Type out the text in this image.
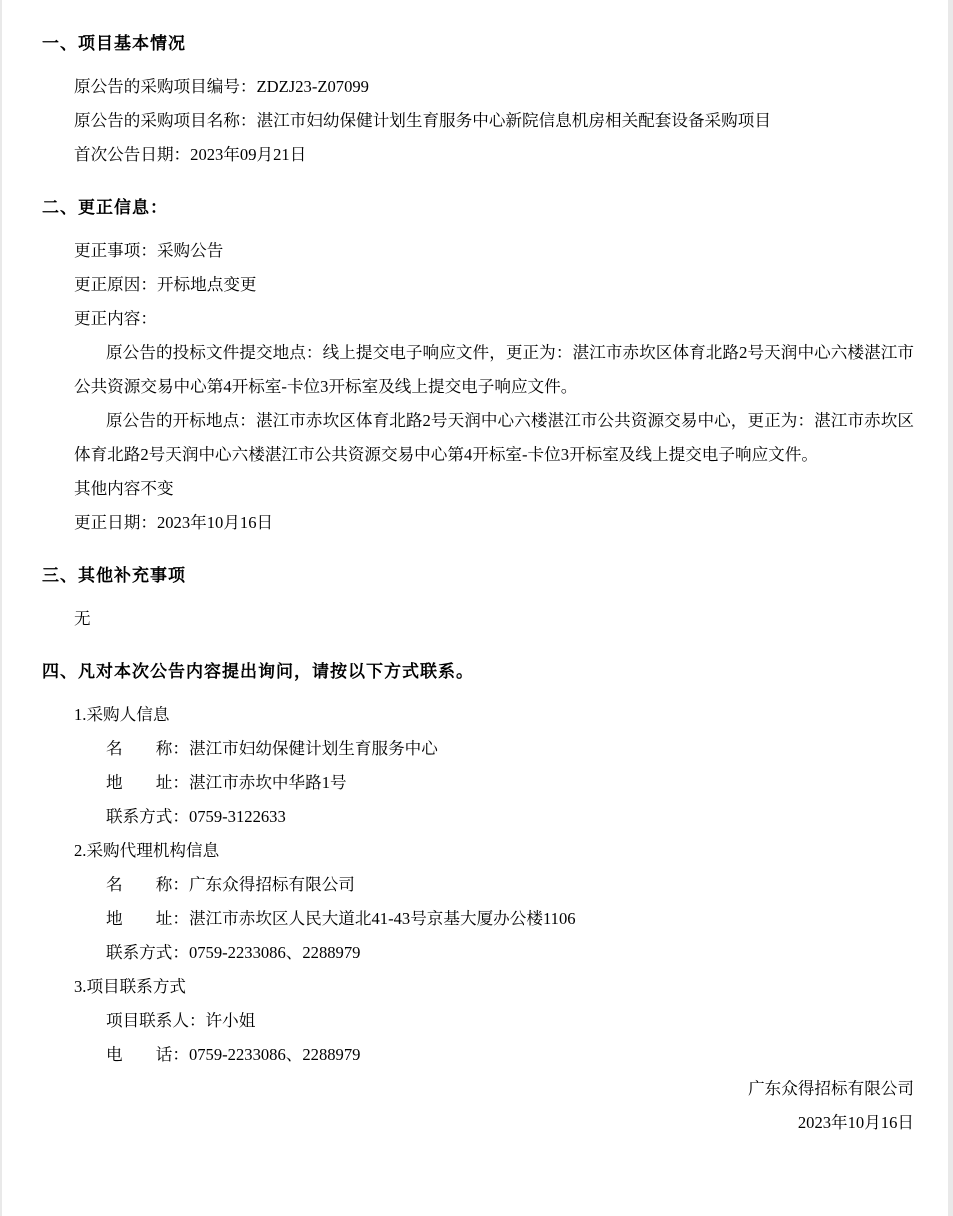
一、项目基本情况

原公告的采购项目编号：ZDZJ23-Z07099

原公告的采购项目名称：湛江市妇幼保健计划生育服务中心新院信息机房相关配套设备采购项目

首次公告日期：2023年09月21日

二、更正信息：

更正事项：采购公告

更正原因：开标地点变更

更正内容：

原公告的投标文件提交地点：线上提交电子响应文件，更正为：湛江市赤坎区体育北路2号天润中心六楼湛江市公共资源交易中心第4开标室-卡位3开标室及线上提交电子响应文件。

原公告的开标地点：湛江市赤坎区体育北路2号天润中心六楼湛江市公共资源交易中心，更正为：湛江市赤坎区体育北路2号天润中心六楼湛江市公共资源交易中心第4开标室-卡位3开标室及线上提交电子响应文件。

其他内容不变

更正日期：2023年10月16日

三、其他补充事项

无

四、凡对本次公告内容提出询问，请按以下方式联系。

1.采购人信息

名　　称：湛江市妇幼保健计划生育服务中心

地　　址：湛江市赤坎中华路1号

联系方式：0759-3122633

2.采购代理机构信息

名　　称：广东众得招标有限公司

地　　址：湛江市赤坎区人民大道北41-43号京基大厦办公楼1106

联系方式：0759-2233086、2288979

3.项目联系方式

项目联系人：许小姐

电　　话：0759-2233086、2288979

广东众得招标有限公司

2023年10月16日
